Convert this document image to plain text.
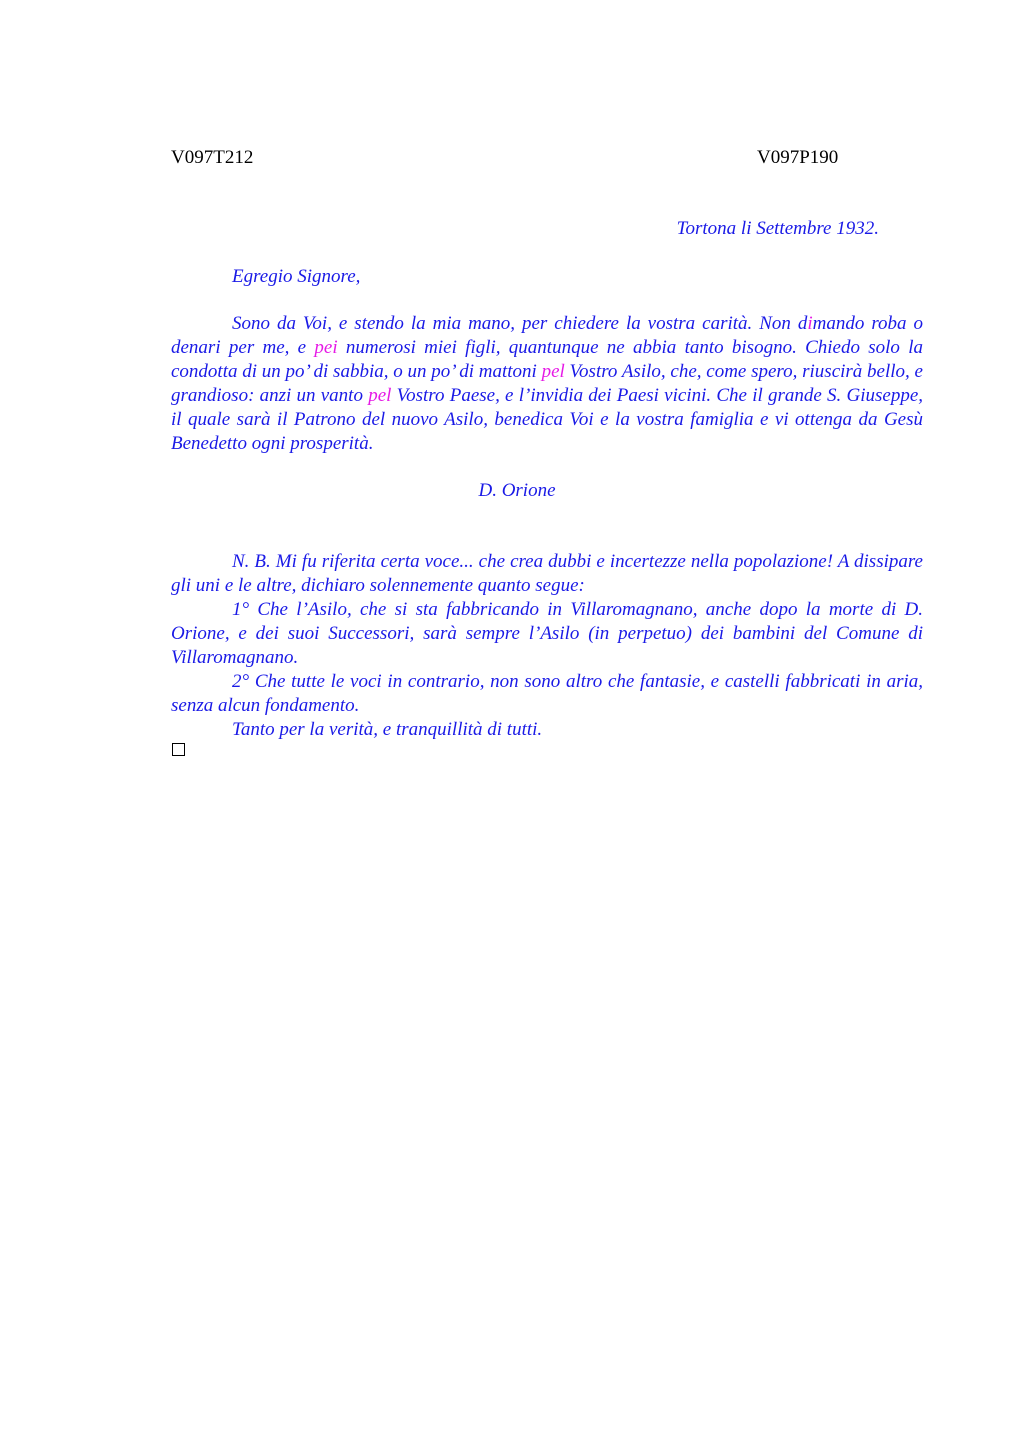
V097T212	V097P190
Tortona li Settembre 1932.
Egregio Signore,

Sono da Voi, e stendo la mia mano, per chiedere la vostra carità. Non dimando roba o denari per me, e pei numerosi miei figli, quantunque ne abbia tanto bisogno. Chiedo solo la condotta di un po’ di sabbia, o un po’ di mattoni pel Vostro Asilo, che, come spero, riuscirà bello, e grandioso: anzi un vanto pel Vostro Paese, e l’invidia dei Paesi vicini. Che il grande S. Giuseppe, il quale sarà il Patrono del nuovo Asilo, benedica Voi e la vostra famiglia e vi ottenga da Gesù Benedetto ogni prosperità.

D. Orione

N. B. Mi fu riferita certa voce... che crea dubbi e incertezze nella popolazione! A dissipare gli uni e le altre, dichiaro solennemente quanto segue:

1° Che l’Asilo, che si sta fabbricando in Villaromagnano, anche dopo la morte di D. Orione, e dei suoi Successori, sarà sempre l’Asilo (in perpetuo) dei bambini del Comune di Villaromagnano.

2° Che tutte le voci in contrario, non sono altro che fantasie, e castelli fabbricati in aria, senza alcun fondamento.

Tanto per la verità, e tranquillità di tutti.
